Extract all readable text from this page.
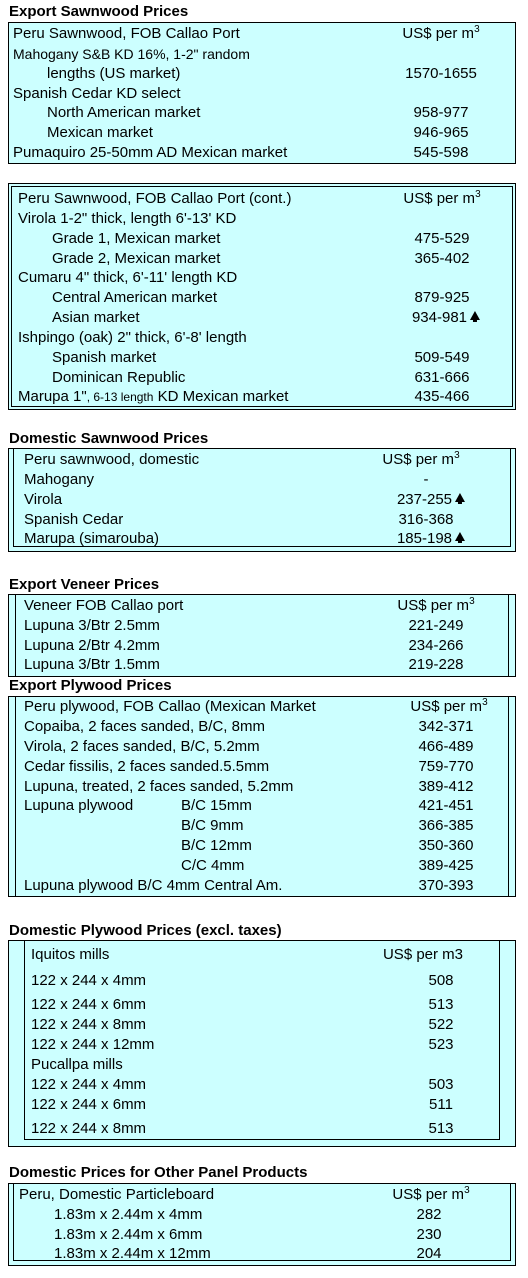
Export Sawnwood Prices
Domestic Sawnwood Prices
Export Veneer Prices
Export Plywood Prices
Domestic Plywood Prices (excl. taxes)
Domestic Prices for Other Panel Products
Peru Sawnwood, FOB Callao Port	US$ per $m^3$
Mahogany S&B KD 16%, 1-2" random
lengths (US market)	1570-1655
Spanish Cedar KD select
North American market	958-977
Mexican market	946-965
Pumaquiro 25-50mm AD Mexican market	545-598
Peru Sawnwood, FOB Callao Port (cont.)	US$ per $m^3$
Virola 1-2" thick, length 6'-13' KD
Grade 1, Mexican market	475-529
Grade 2, Mexican market	365-402
Cumaru 4" thick, 6'-11' length KD
Central American market	879-925
Asian market	934-981
Ishpingo (oak) 2" thick, 6'-8' length
Spanish market	509-549
Dominican Republic	631-666
Marupa 1", 6-13 length KD Mexican market	435-466
Peru sawnwood, domestic	US$ per $m^3$
Mahogany	-
Virola	237-255
Spanish Cedar	316-368
Marupa (simarouba)	185-198
Veneer FOB Callao port	US$ per $m^3$
Lupuna 3/Btr 2.5mm	221-249
Lupuna 2/Btr 4.2mm	234-266
Lupuna 3/Btr 1.5mm	219-228
Peru plywood, FOB Callao (Mexican Market	US$ per $m^3$
Copaiba, 2 faces sanded, B/C, 8mm	342-371
Virola, 2 faces sanded, B/C, 5.2mm	466-489
Cedar fissilis, 2 faces sanded.5.5mm	759-770
Lupuna, treated, 2 faces sanded, 5.2mm	389-412
Lupuna plywood	B/C 15mm	421-451
B/C 9mm	366-385
B/C 12mm	350-360
C/C 4mm	389-425
Lupuna plywood B/C 4mm Central Am.	370-393
Iquitos mills	US$ per m3
122 x 244 x 4mm	508
122 x 244 x 6mm	513
122 x 244 x 8mm	522
122 x 244 x 12mm	523
Pucallpa mills
122 x 244 x 4mm	503
122 x 244 x 6mm	511
122 x 244 x 8mm	513
Peru, Domestic Particleboard	US$ per $m^3$
1.83m x 2.44m x 4mm	282
1.83m x 2.44m x 6mm	230
1.83m x 2.44m x 12mm	204
